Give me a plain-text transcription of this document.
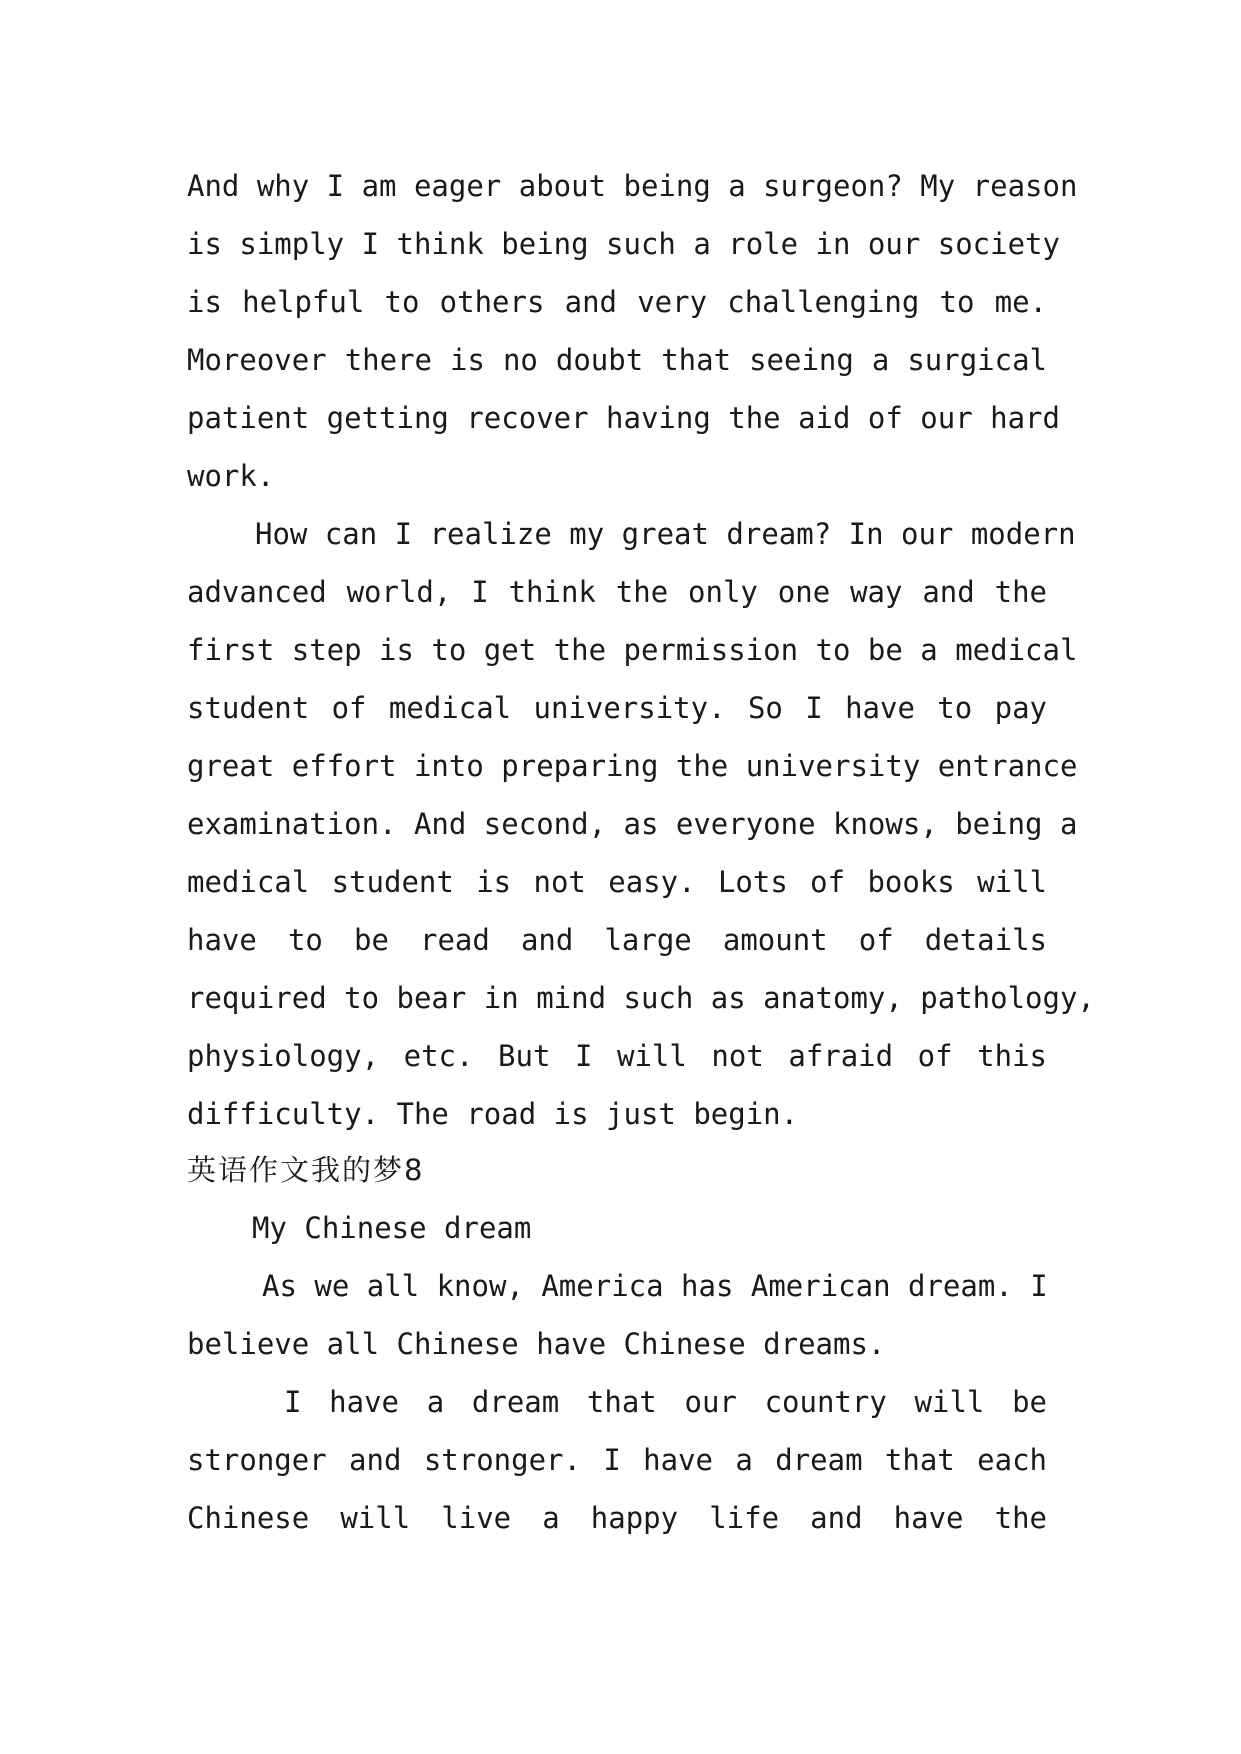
And why I am eager about being a surgeon? My reason
is simply I think being such a role in our society
is helpful to others and very challenging to me.
Moreover there is no doubt that seeing a surgical
patient getting recover having the aid of our hard
work.
How can I realize my great dream? In our modern
advanced world, I think the only one way and the
first step is to get the permission to be a medical
student of medical university. So I have to pay
great effort into preparing the university entrance
examination. And second, as everyone knows, being a
medical student is not easy. Lots of books will
have to be read and large amount of details
required to bear in mind such as anatomy, pathology,
physiology, etc. But I will not afraid of this
difficulty. The road is just begin.
英语作文我的梦8
My Chinese dream
As we all know, America has American dream. I
believe all Chinese have Chinese dreams.
I have a dream that our country will be
stronger and stronger. I have a dream that each
Chinese will live a happy life and have the
